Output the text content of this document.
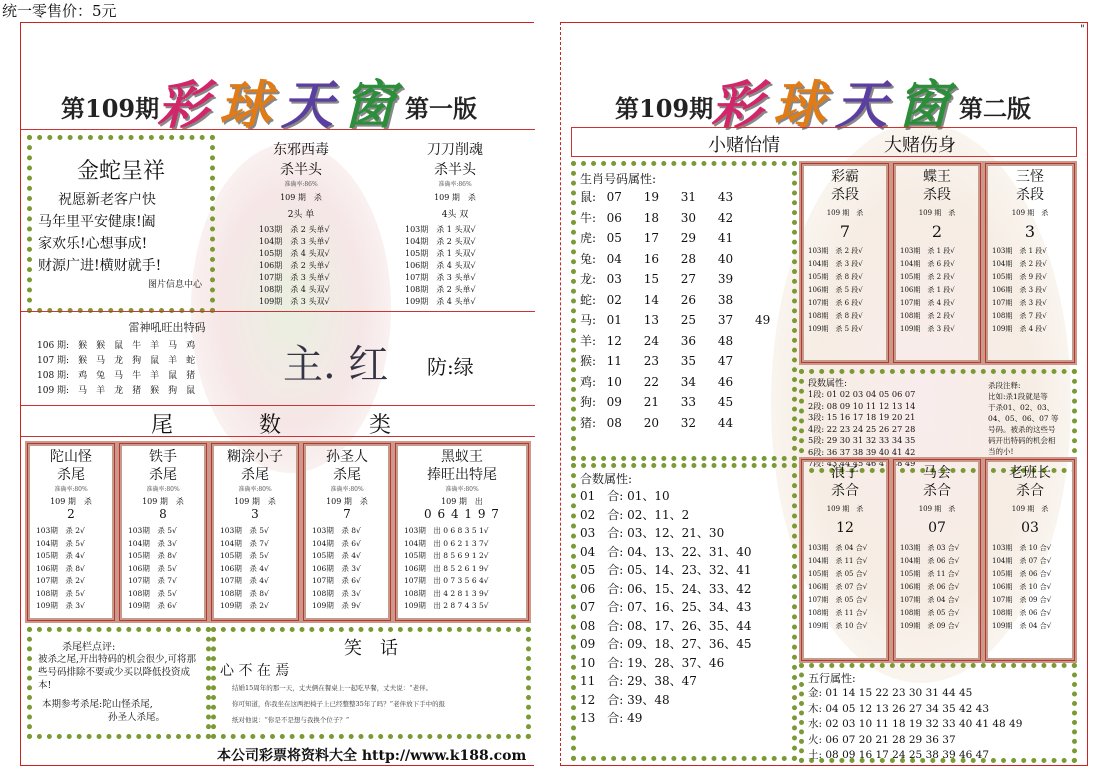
统一零售价：5元
"
第109期
彩球天窗 第一版
金蛇呈祥
祝愿新老客户快
马年里平安健康!阖
家欢乐!心想事成!
财源广进!横财就手!
图片信息中心
东邪西毒
杀半头
准确率:86%
109 期　杀
2头 单
103期　杀 2 头单√
104期　杀 3 头单√
105期　杀 4 头双√
106期　杀 2 头单√
107期　杀 3 头单√
108期　杀 4 头双√
109期　杀 3 头双√
刀刀削魂
杀半头
准确率:86%
109 期　杀
4头 双
103期　杀 1 头双√
104期　杀 2 头双√
105期　杀 1 头双√
106期　杀 4 头双√
107期　杀 3 头单√
108期　杀 2 头单√
109期　杀 4 头单√
雷神吼旺出特码
106 期:　猴　猴　鼠　牛　羊　马　鸡
107 期:　猴　马　龙　狗　鼠　羊　蛇
108 期:　鸡　兔　马　牛　羊　鼠　猪
109 期:　马　羊　龙　猪　猴　狗　鼠
主. 红 防:绿
尾	数	类
陀山怪
杀尾
准确率:80%
109 期　杀
2
103期　杀 2√
104期　杀 5√
105期　杀 4√
106期　杀 8√
107期　杀 2√
108期　杀 5√
109期　杀 3√
铁手
杀尾
准确率:80%
109 期　杀
8
103期　杀 5√
104期　杀 3√
105期　杀 8√
106期　杀 5√
107期　杀 7√
108期　杀 5√
109期　杀 6√
糊涂小子
杀尾
准确率:80%
109 期　杀
3
103期　杀 5√
104期　杀 7√
105期　杀 5√
106期　杀 4√
107期　杀 4√
108期　杀 8√
109期　杀 2√
孙圣人
杀尾
准确率:80%
109 期　杀
7
103期　杀 8√
104期　杀 6√
105期　杀 4√
106期　杀 3√
107期　杀 6√
108期　杀 3√
109期　杀 9√
黑蚁王
捧旺出特尾
准确率:80%
109 期　出
0 6 4 1 9 7
103期　出 0 6 8 3 5 1√
104期　出 0 6 2 1 3 7√
105期　出 8 5 6 9 1 2√
106期　出 8 5 2 6 1 9√
107期　出 0 7 3 5 6 4√
108期　出 4 2 8 1 3 9√
109期　出 2 8 7 4 3 5√
杀尾栏点评:
被杀之尾,开出特码的机会很少,可将那些号码排除不要或少买以降低投资成本!
本期参考杀尾:陀山怪杀尾,
孙圣人杀尾。
笑　话
心 不 在 焉
结婚15周年的那一天，丈夫俩在餐桌上一起吃早餐，丈夫说：“老伴。
你可知道，你我坐在这两把椅子上已经整整35年了吗？”老伴放下手中的报
纸对他说：“你是不是想与我换个位子？”
本公司彩票将资料大全 http://www.k188.com
第109期
彩球天窗 第二版
小赌怡情	大赌伤身
生肖号码属性:
鼠: 07	19	31	43
牛: 06	18	30	42
虎: 05	17	29	41
兔: 04	16	28	40
龙: 03	15	27	39
蛇: 02	14	26	38
马: 01	13	25	37	49
羊: 12	24	36	48
猴: 11	23	35	47
鸡: 10	22	34	46
狗: 09	21	33	45
猪: 08	20	32	44
彩霸
杀段
109 期　杀
7
103期　杀 2 段√
104期　杀 3 段√
105期　杀 8 段√
106期　杀 5 段√
107期　杀 6 段√
108期　杀 8 段√
109期　杀 5 段√
蝶王
杀段
109 期　杀
2
103期　杀 1 段√
104期　杀 6 段√
105期　杀 2 段√
106期　杀 1 段√
107期　杀 4 段√
108期　杀 2 段√
109期　杀 3 段√
三怪
杀段
109 期　杀
3
103期　杀 1 段√
104期　杀 2 段√
105期　杀 9 段√
106期　杀 3 段√
107期　杀 3 段√
108期　杀 7 段√
109期　杀 4 段√
段数属性:
1段: 01 02 03 04 05 06 07
2段: 08 09 10 11 12 13 14
3段: 15 16 17 18 19 20 21
4段: 22 23 24 25 26 27 28
5段: 29 30 31 32 33 34 35
6段: 36 37 38 39 40 41 42
7段: 43 44 45 46 47 48 49
杀段注释:
比如:杀1段就是等
于杀01、02、03、
04、05、06、07 等
号码。被杀的这些号
码开出特码的机会相
当的小!
合数属性:
01　合: 01、10
02　合: 02、11、2
03　合: 03、12、21、30
04　合: 04、13、22、31、40
05　合: 05、14、23、32、41
06　合: 06、15、24、33、42
07　合: 07、16、25、34、43
08　合: 08、17、26、35、44
09　合: 09、18、27、36、45
10　合: 19、28、37、46
11　合: 29、38、47
12　合: 39、48
13　合: 49
浪子
杀合
109 期　杀
12
103期　杀 04 合√
104期　杀 11 合√
105期　杀 05 合√
106期　杀 07 合√
107期　杀 05 合√
108期　杀 11 合√
109期　杀 10 合√
马会
杀合
109 期　杀
07
103期　杀 03 合√
104期　杀 06 合√
105期　杀 11 合√
106期　杀 06 合√
107期　杀 04 合√
108期　杀 05 合√
109期　杀 09 合√
老班长
杀合
109 期　杀
03
103期　杀 10 合√
104期　杀 07 合√
105期　杀 06 合√
106期　杀 10 合√
107期　杀 09 合√
108期　杀 06 合√
109期　杀 04 合√
五行属性:
金: 01 14 15 22 23 30 31 44 45
木: 04 05 12 13 26 27 34 35 42 43
水: 02 03 10 11 18 19 32 33 40 41 48 49
火: 06 07 20 21 28 29 36 37
土: 08 09 16 17 24 25 38 39 46 47
